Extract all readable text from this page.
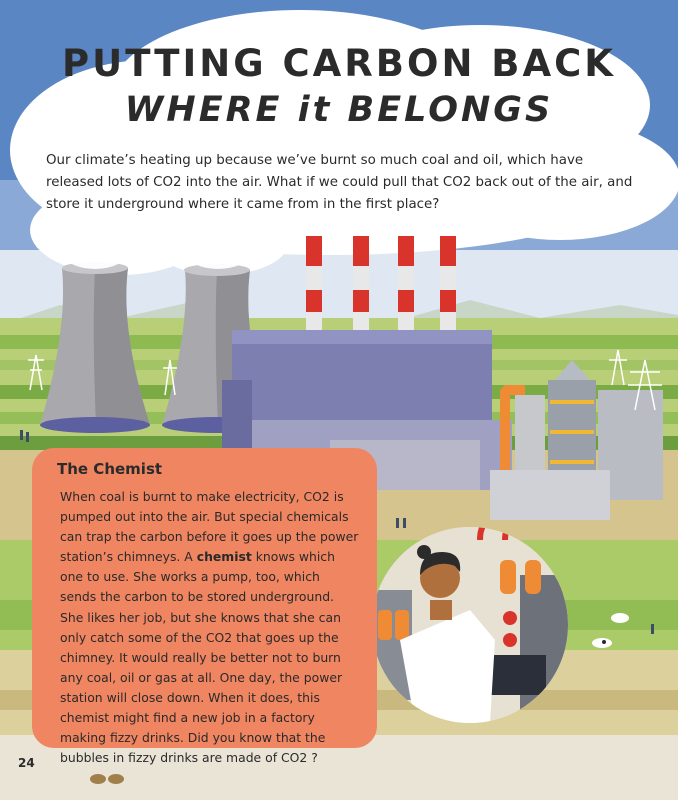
PUTTING CARBON BACK
WHERE it BELONGS
Our climate’s heating up because we’ve burnt so much coal and oil, which have released lots of CO2 into the air. What if we could pull that CO2 back out of the air, and store it underground where it came from in the first place?
The Chemist
When coal is burnt to make electricity, CO2 is
pumped out into the air. But special chemicals
can trap the carbon before it goes up the power
station’s chimneys. A chemist knows which
one to use. She works a pump, too, which
sends the carbon to be stored underground.
She likes her job, but she knows that she can
only catch some of the CO2 that goes up the
chimney. It would really be better not to burn
any coal, oil or gas at all. One day, the power
station will close down. When it does, this
chemist might find a new job in a factory
making fizzy drinks. Did you know that the
bubbles in fizzy drinks are made of CO2 ?
24
